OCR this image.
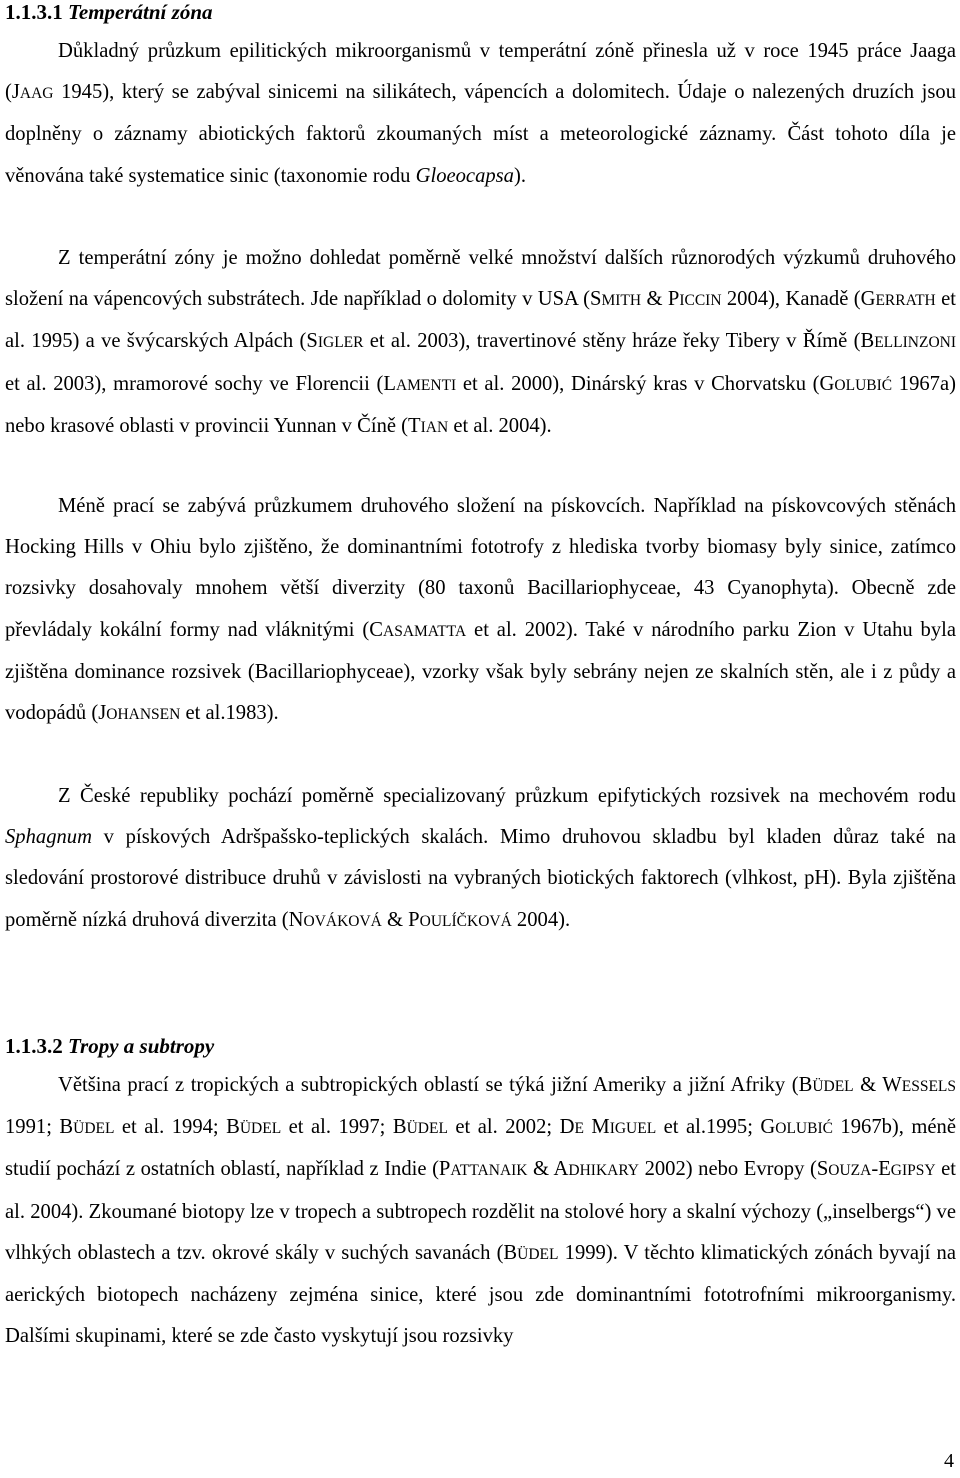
1.1.3.1 Temperátní zóna

Důkladný průzkum epilitických mikroorganismů v temperátní zóně přinesla už v roce 1945 práce Jaaga (JAAG 1945), který se zabýval sinicemi na silikátech, vápencích a dolomitech. Údaje o nalezených druzích jsou doplněny o záznamy abiotických faktorů zkoumaných míst a meteorologické záznamy. Část tohoto díla je věnována také systematice sinic (taxonomie rodu Gloeocapsa).

Z temperátní zóny je možno dohledat poměrně velké množství dalších různorodých výzkumů druhového složení na vápencových substrátech. Jde například o dolomity v USA (SMITH & PICCIN 2004), Kanadě (GERRATH et al. 1995) a ve švýcarských Alpách (SIGLER et al. 2003), travertinové stěny hráze řeky Tibery v Římě (BELLINZONI et al. 2003), mramorové sochy ve Florencii (LAMENTI et al. 2000), Dinárský kras v Chorvatsku (GOLUBIĆ 1967a) nebo krasové oblasti v provincii Yunnan v Číně (TIAN et al. 2004).

Méně prací se zabývá průzkumem druhového složení na pískovcích. Například na pískovcových stěnách Hocking Hills v Ohiu bylo zjištěno, že dominantními fototrofy z hlediska tvorby biomasy byly sinice, zatímco rozsivky dosahovaly mnohem větší diverzity (80 taxonů Bacillariophyceae, 43 Cyanophyta). Obecně zde převládaly kokální formy nad vláknitými (CASAMATTA et al. 2002). Také v národního parku Zion v Utahu byla zjištěna dominance rozsivek (Bacillariophyceae), vzorky však byly sebrány nejen ze skalních stěn, ale i z půdy a vodopádů (JOHANSEN et al.1983).

Z České republiky pochází poměrně specializovaný průzkum epifytických rozsivek na mechovém rodu Sphagnum v pískových Adršpašsko-teplických skalách. Mimo druhovou skladbu byl kladen důraz také na sledování prostorové distribuce druhů v závislosti na vybraných biotických faktorech (vlhkost, pH). Byla zjištěna poměrně nízká druhová diverzita (NOVÁKOVÁ & POULÍČKOVÁ 2004).

1.1.3.2 Tropy a subtropy

Většina prací z tropických a subtropických oblastí se týká jižní Ameriky a jižní Afriky (BÜDEL & WESSELS 1991; BÜDEL et al. 1994; BÜDEL et al. 1997; BÜDEL et al. 2002; DE MIGUEL et al.1995; GOLUBIĆ 1967b), méně studií pochází z ostatních oblastí, například z Indie (PATTANAIK & ADHIKARY 2002) nebo Evropy (SOUZA-EGIPSY et al. 2004). Zkoumané biotopy lze v tropech a subtropech rozdělit na stolové hory a skalní výchozy („inselbergs“) ve vlhkých oblastech a tzv. okrové skály v suchých savanách (BÜDEL 1999). V těchto klimatických zónách byvají na aerických biotopech nacházeny zejména sinice, které jsou zde dominantními fototrofními mikroorganismy. Dalšími skupinami, které se zde často vyskytují jsou rozsivky

4
